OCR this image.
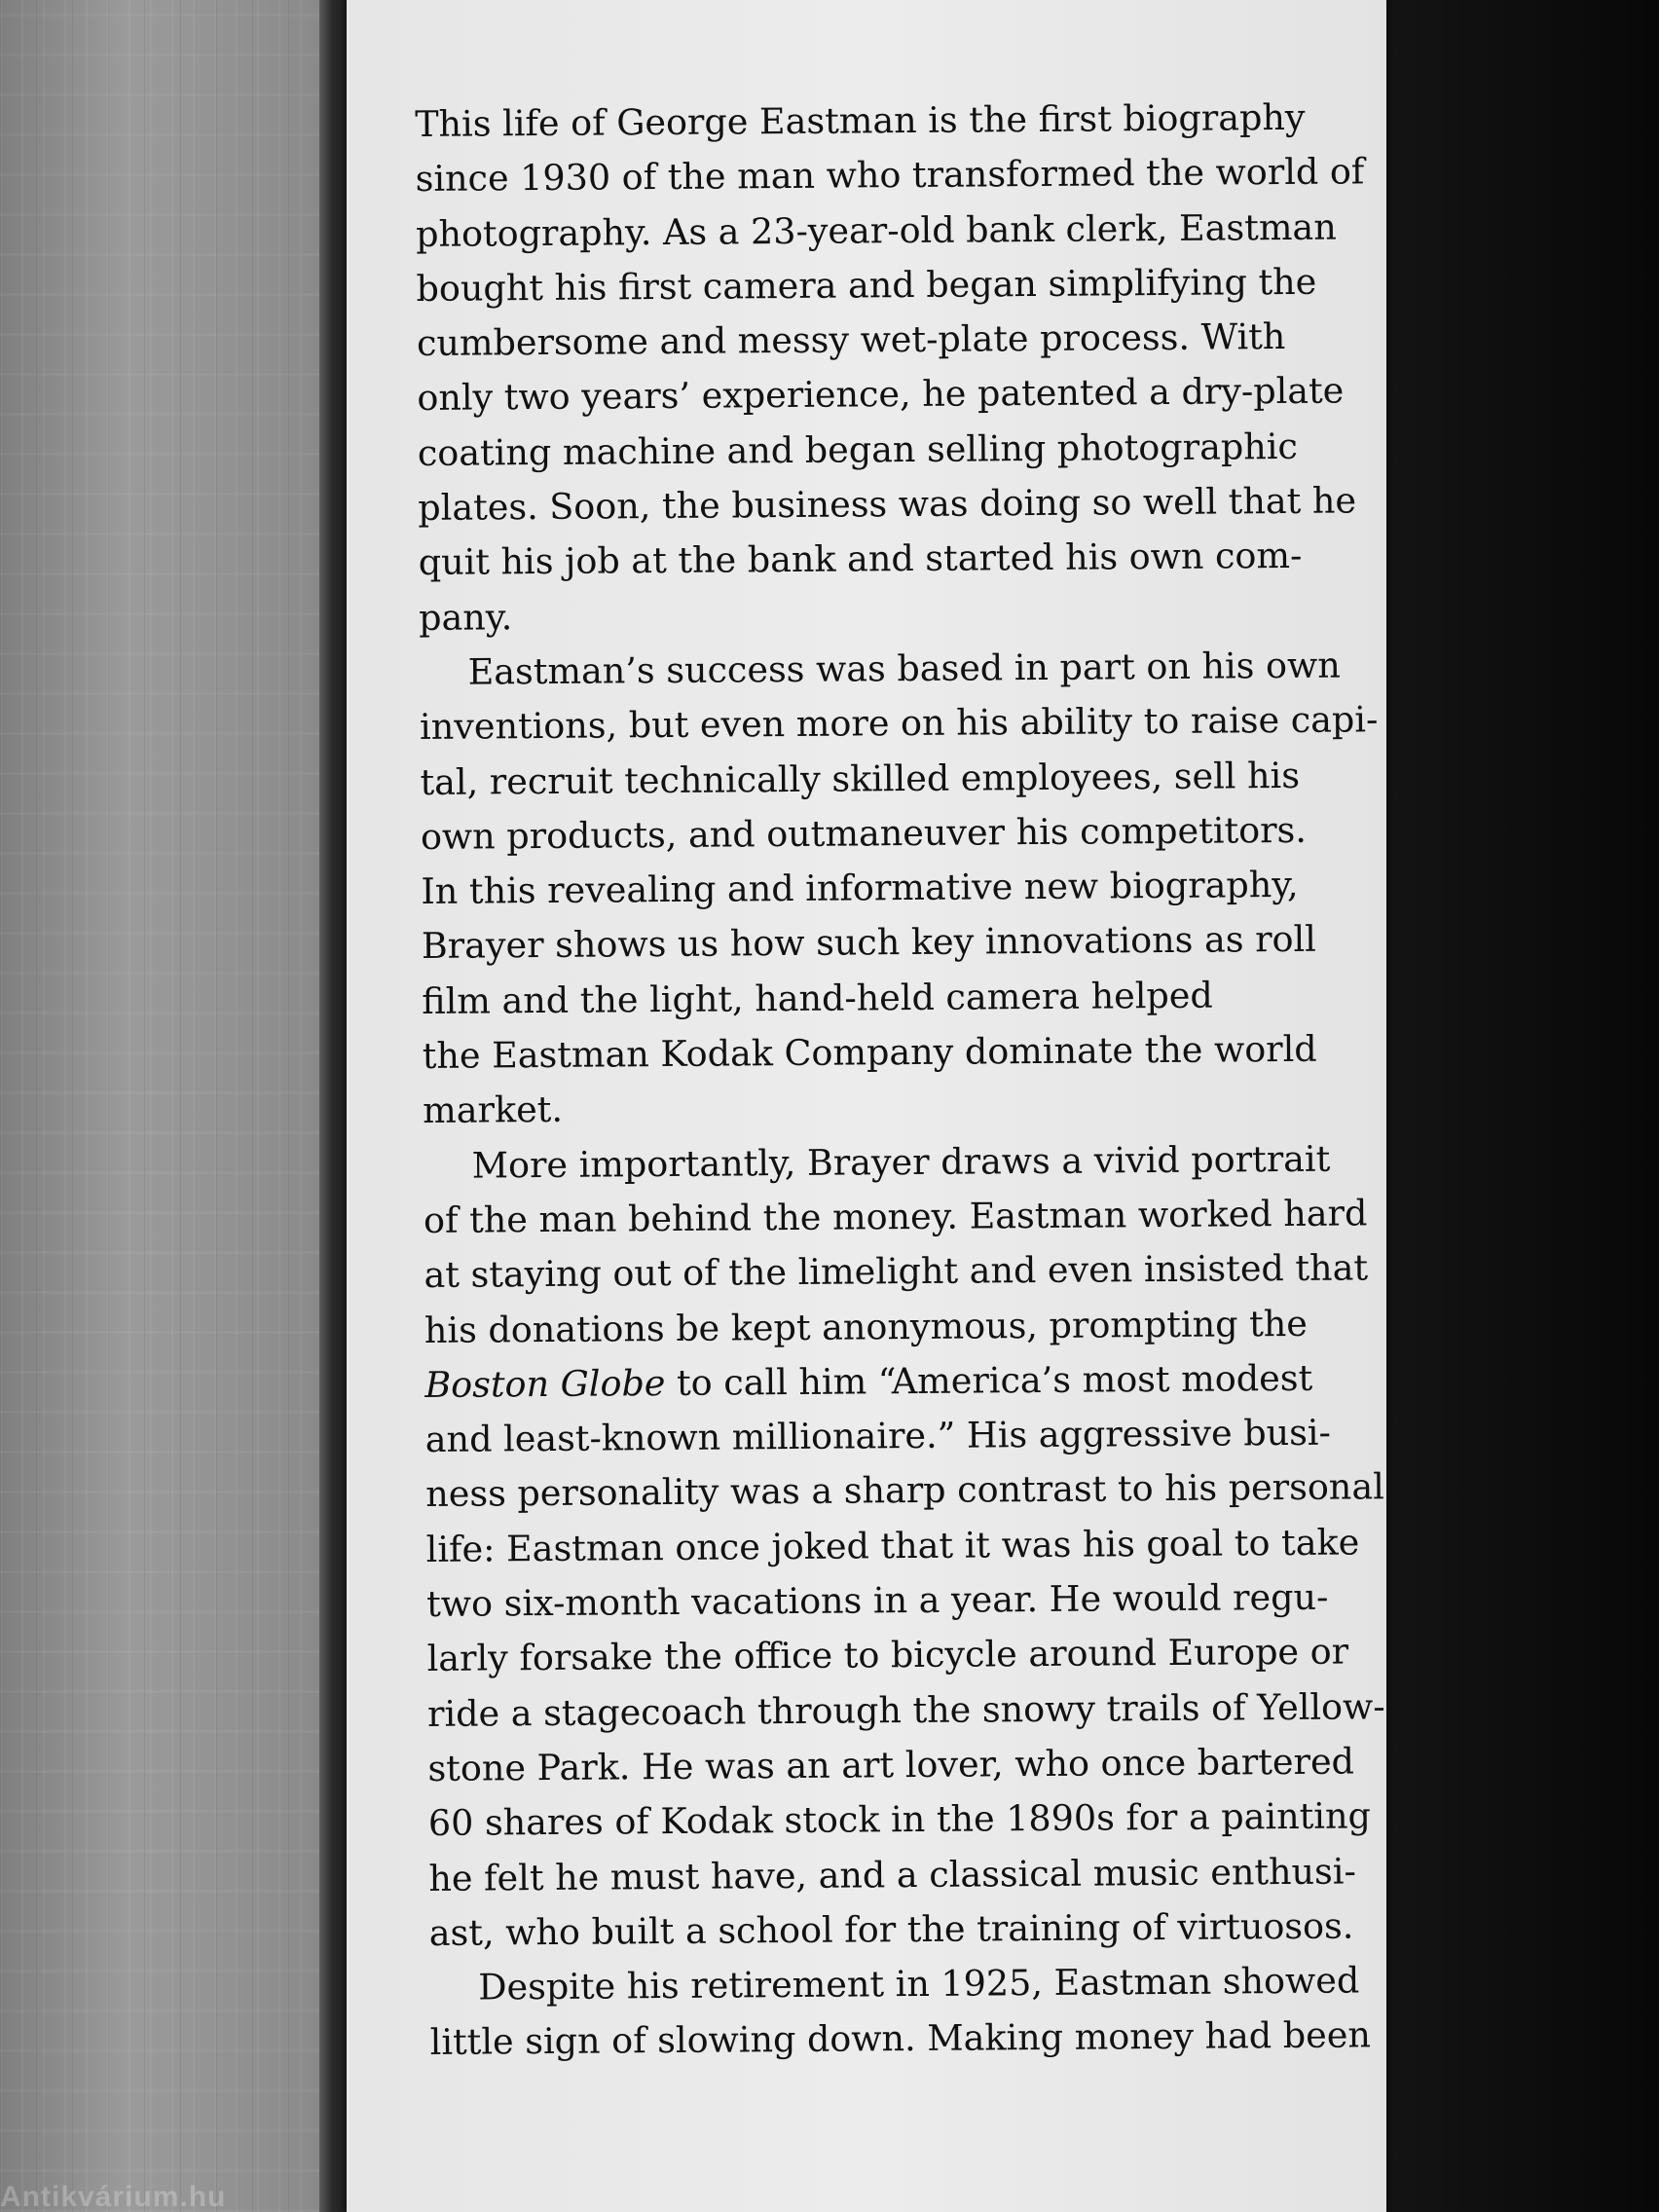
This life of George Eastman is the first biography
since 1930 of the man who transformed the world of
photography. As a 23-year-old bank clerk, Eastman
bought his first camera and began simplifying the
cumbersome and messy wet-plate process. With
only two years’ experience, he patented a dry-plate
coating machine and began selling photographic
plates. Soon, the business was doing so well that he
quit his job at the bank and started his own com-
pany.
Eastman’s success was based in part on his own
inventions, but even more on his ability to raise capi-
tal, recruit technically skilled employees, sell his
own products, and outmaneuver his competitors.
In this revealing and informative new biography,
Brayer shows us how such key innovations as roll
film and the light, hand-held camera helped
the Eastman Kodak Company dominate the world
market.
More importantly, Brayer draws a vivid portrait
of the man behind the money. Eastman worked hard
at staying out of the limelight and even insisted that
his donations be kept anonymous, prompting the
Boston Globe to call him “America’s most modest
and least-known millionaire.” His aggressive busi-
ness personality was a sharp contrast to his personal
life: Eastman once joked that it was his goal to take
two six-month vacations in a year. He would regu-
larly forsake the office to bicycle around Europe or
ride a stagecoach through the snowy trails of Yellow-
stone Park. He was an art lover, who once bartered
60 shares of Kodak stock in the 1890s for a painting
he felt he must have, and a classical music enthusi-
ast, who built a school for the training of virtuosos.
Despite his retirement in 1925, Eastman showed
little sign of slowing down. Making money had been
Antikvárium.hu
